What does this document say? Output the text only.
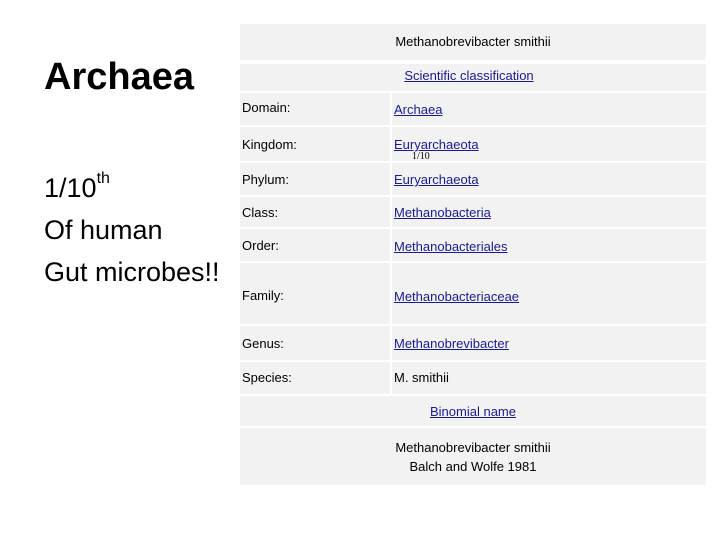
Archaea
1/10th
Of human
Gut microbes!!
Methanobrevibacter smithii
Scientific classification
Domain:	Archaea
Kingdom:	Euryarchaeota
1/10
Phylum:	Euryarchaeota
Class:	Methanobacteria
Order:	Methanobacteriales
Family:	Methanobacteriaceae
Genus:	Methanobrevibacter
Species:	M. smithii
Binomial name
Methanobrevibacter smithii
Balch and Wolfe 1981
